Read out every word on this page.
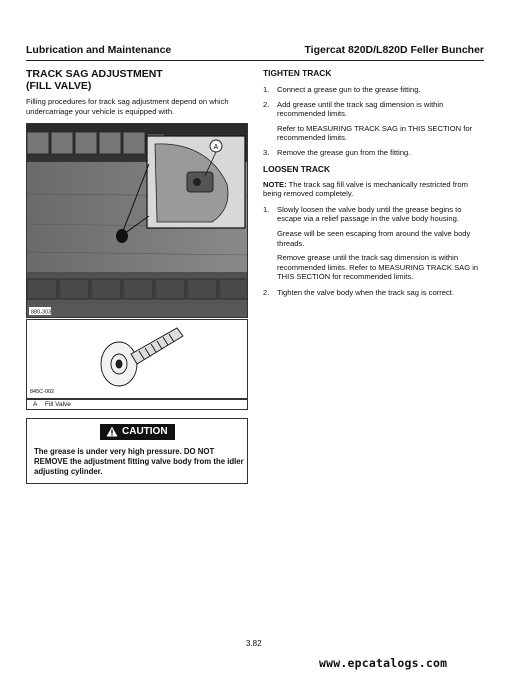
Lubrication and Maintenance	Tigercat 820D/L820D Feller Buncher
TRACK SAG ADJUSTMENT
(FILL VALVE)

Filling procedures for track sag adjustment depend on which undercarriage your vehicle is equipped with.

A
880-303
845C-002
A Fill Valve
CAUTION

The grease is under very high pressure. DO NOT REMOVE the adjustment fitting valve body from the idler adjusting cylinder.

TIGHTEN TRACK
1. Connect a grease gun to the grease fitting.
2. Add grease until the track sag dimension is within recommended limits.

Refer to MEASURING TRACK SAG in THIS SECTION for recommended limits.

3. Remove the grease gun from the fitting.
LOOSEN TRACK

NOTE: The track sag fill valve is mechanically restricted from being removed completely.

1. Slowly loosen the valve body until the grease begins to escape via a relief passage in the valve body housing.

Grease will be seen escaping from around the valve body threads.

Remove grease until the track sag dimension is within recommended limits. Refer to MEASURING TRACK SAG in THIS SECTION for recommended limits.

2. Tighten the valve body when the track sag is correct.
3.82
www.epcatalogs.com
